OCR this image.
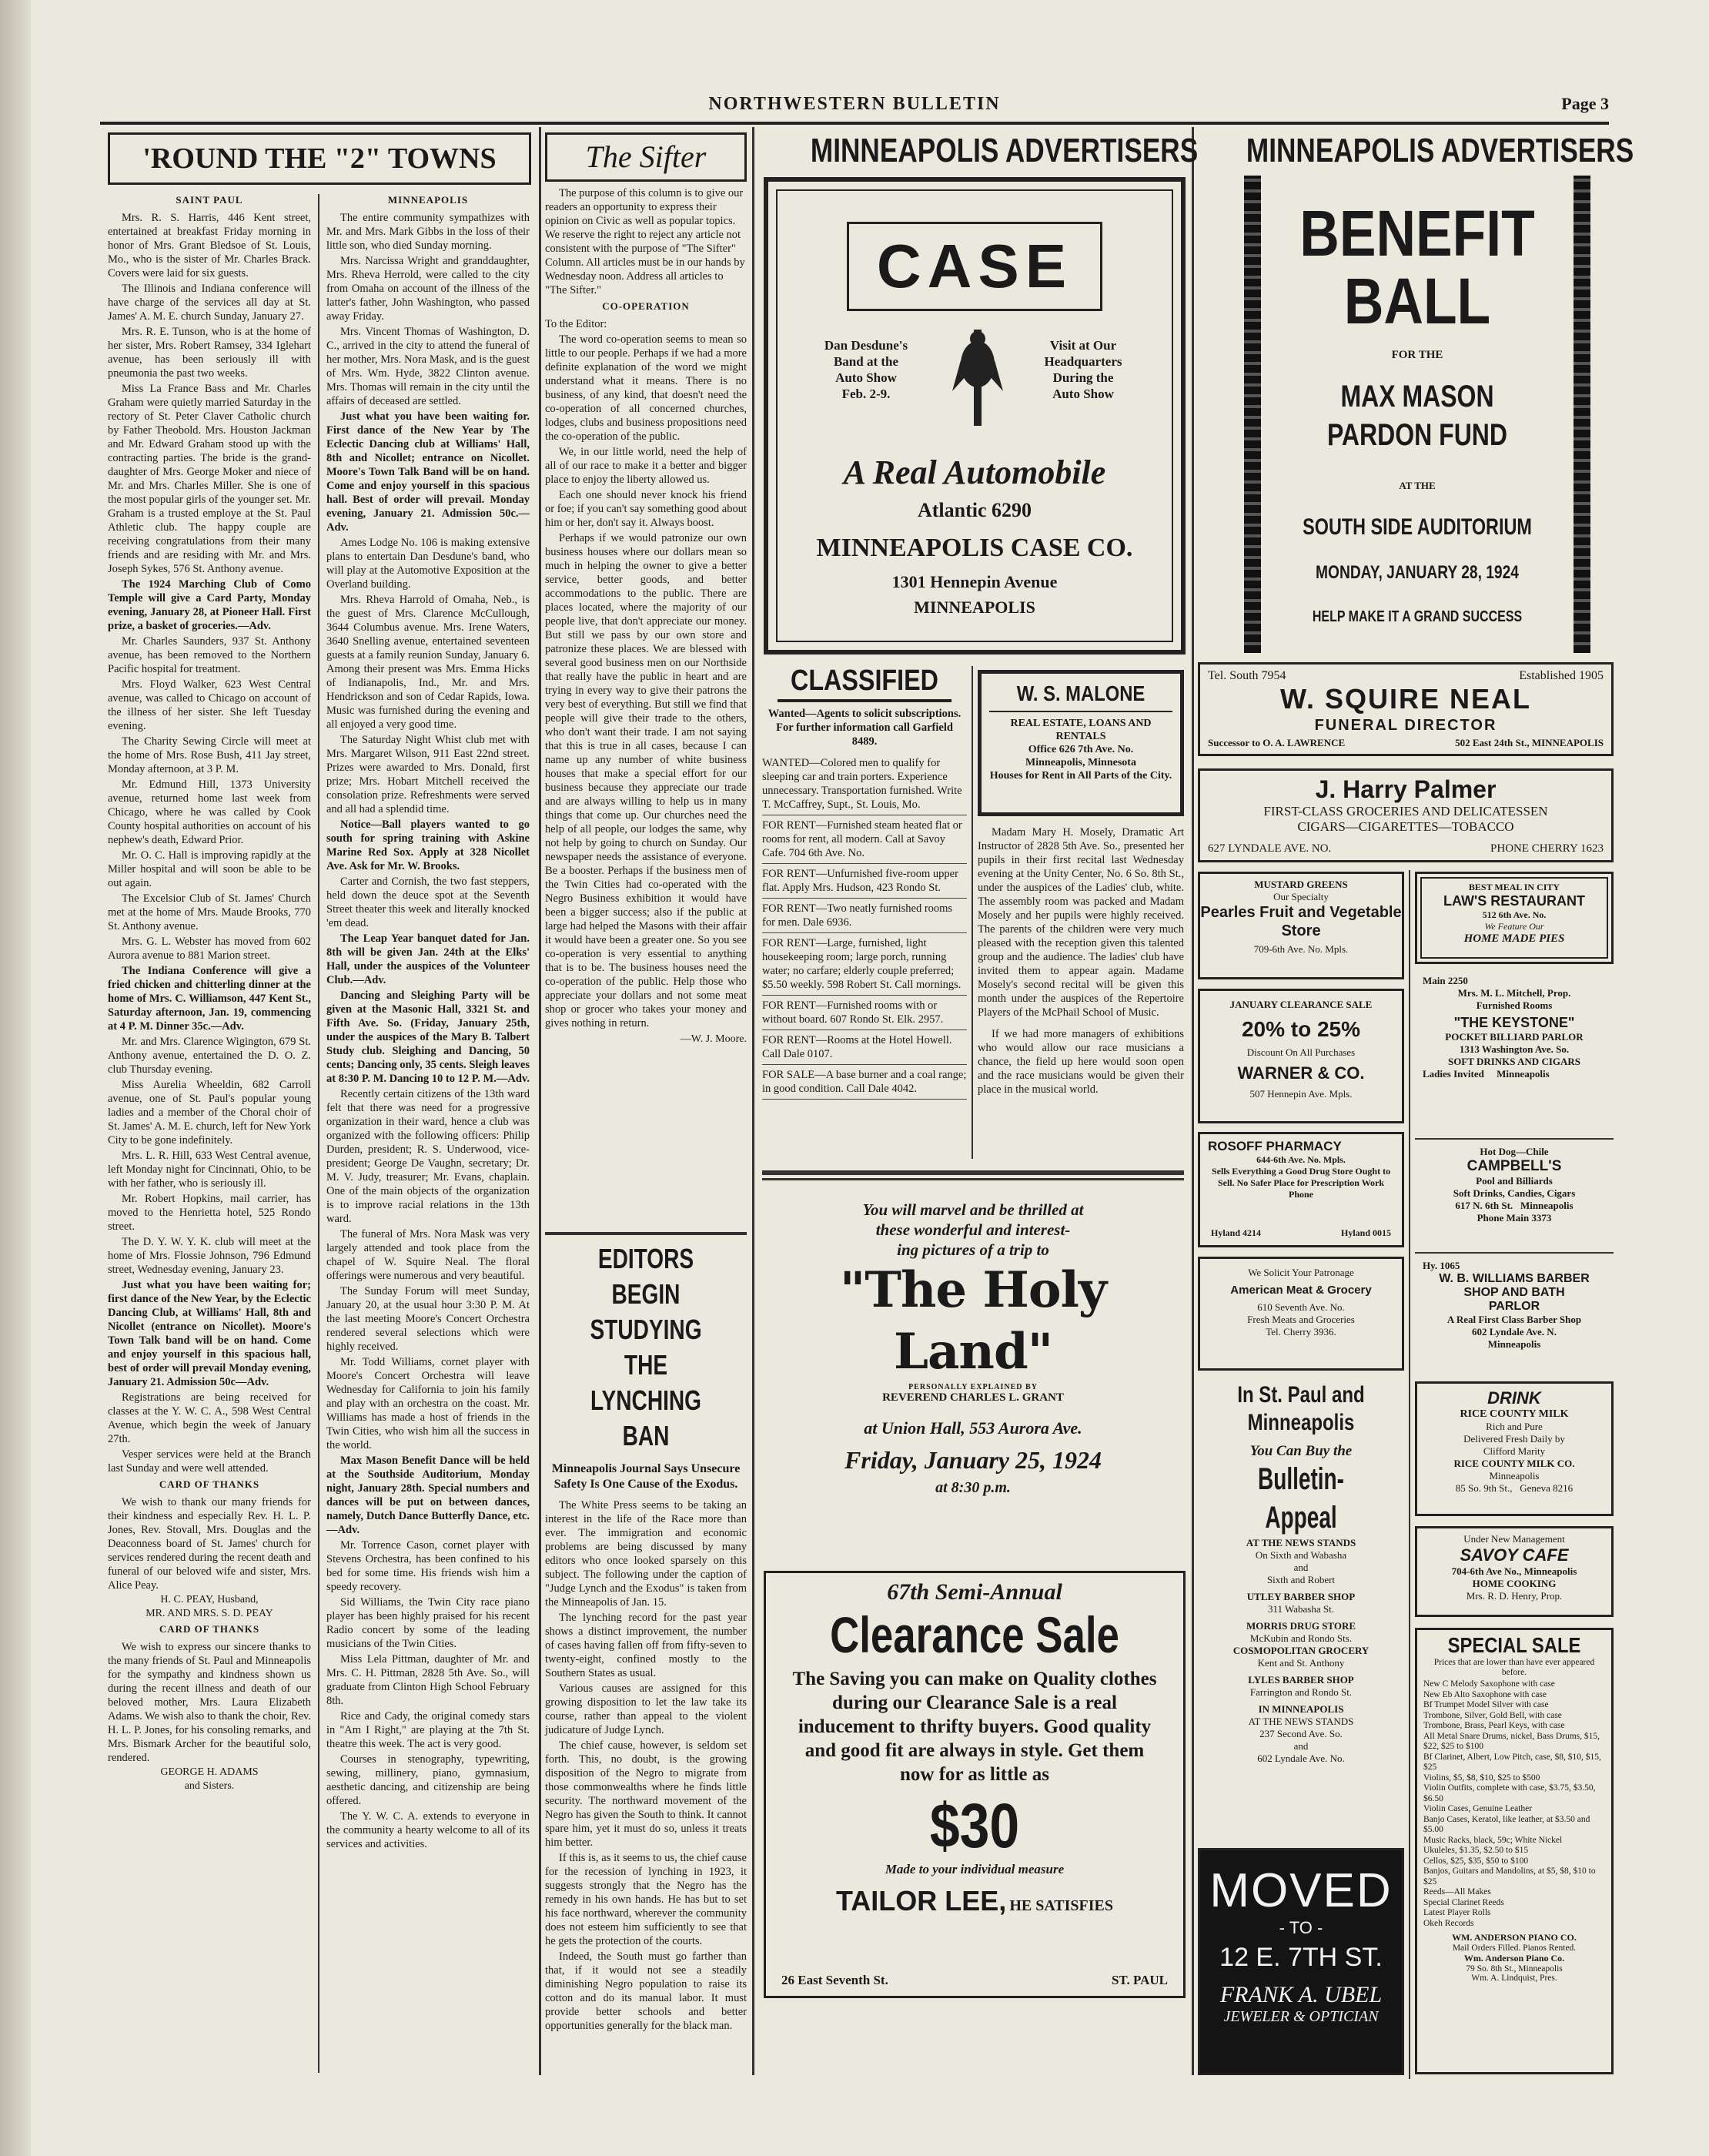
NORTHWESTERN BULLETIN	Page 3
'ROUND THE "2" TOWNS
SAINT PAUL

Mrs. R. S. Harris, 446 Kent street, entertained at breakfast Friday morning in honor of Mrs. Grant Bledsoe of St. Louis, Mo., who is the sister of Mr. Charles Brack. Covers were laid for six guests.

The Illinois and Indiana conference will have charge of the services all day at St. James' A. M. E. church Sunday, January 27.

Mrs. R. E. Tunson, who is at the home of her sister, Mrs. Robert Ramsey, 334 Iglehart avenue, has been seriously ill with pneumonia the past two weeks.

Miss La France Bass and Mr. Charles Graham were quietly married Saturday in the rectory of St. Peter Claver Catholic church by Father Theobold. Mrs. Houston Jackman and Mr. Edward Graham stood up with the contracting parties. The bride is the grand-daughter of Mrs. George Moker and niece of Mr. and Mrs. Charles Miller. She is one of the most popular girls of the younger set. Mr. Graham is a trusted employe at the St. Paul Athletic club. The happy couple are receiving congratulations from their many friends and are residing with Mr. and Mrs. Joseph Sykes, 576 St. Anthony avenue.

The 1924 Marching Club of Como Temple will give a Card Party, Monday evening, January 28, at Pioneer Hall. First prize, a basket of groceries.—Adv.

Mr. Charles Saunders, 937 St. Anthony avenue, has been removed to the Northern Pacific hospital for treatment.

Mrs. Floyd Walker, 623 West Central avenue, was called to Chicago on account of the illness of her sister. She left Tuesday evening.

The Charity Sewing Circle will meet at the home of Mrs. Rose Bush, 411 Jay street, Monday afternoon, at 3 P. M.

Mr. Edmund Hill, 1373 University avenue, returned home last week from Chicago, where he was called by Cook County hospital authorities on account of his nephew's death, Edward Prior.

Mr. O. C. Hall is improving rapidly at the Miller hospital and will soon be able to be out again.

The Excelsior Club of St. James' Church met at the home of Mrs. Maude Brooks, 770 St. Anthony avenue.

Mrs. G. L. Webster has moved from 602 Aurora avenue to 881 Marion street.

The Indiana Conference will give a fried chicken and chitterling dinner at the home of Mrs. C. Williamson, 447 Kent St., Saturday afternoon, Jan. 19, commencing at 4 P. M. Dinner 35c.—Adv.

Mr. and Mrs. Clarence Wigington, 679 St. Anthony avenue, entertained the D. O. Z. club Thursday evening.

Miss Aurelia Wheeldin, 682 Carroll avenue, one of St. Paul's popular young ladies and a member of the Choral choir of St. James' A. M. E. church, left for New York City to be gone indefinitely.

Mrs. L. R. Hill, 633 West Central avenue, left Monday night for Cincinnati, Ohio, to be with her father, who is seriously ill.

Mr. Robert Hopkins, mail carrier, has moved to the Henrietta hotel, 525 Rondo street.

The D. Y. W. Y. K. club will meet at the home of Mrs. Flossie Johnson, 796 Edmund street, Wednesday evening, January 23.

Just what you have been waiting for; first dance of the New Year, by the Eclectic Dancing Club, at Williams' Hall, 8th and Nicollet (entrance on Nicollet). Moore's Town Talk band will be on hand. Come and enjoy yourself in this spacious hall, best of order will prevail Monday evening, January 21. Admission 50c—Adv.

Registrations are being received for classes at the Y. W. C. A., 598 West Central Avenue, which begin the week of January 27th.

Vesper services were held at the Branch last Sunday and were well attended.

CARD OF THANKS

We wish to thank our many friends for their kindness and especially Rev. H. L. P. Jones, Rev. Stovall, Mrs. Douglas and the Deaconness board of St. James' church for services rendered during the recent death and funeral of our beloved wife and sister, Mrs. Alice Peay.

H. C. PEAY, Husband,
MR. AND MRS. S. D. PEAY
CARD OF THANKS

We wish to express our sincere thanks to the many friends of St. Paul and Minneapolis for the sympathy and kindness shown us during the recent illness and death of our beloved mother, Mrs. Laura Elizabeth Adams. We wish also to thank the choir, Rev. H. L. P. Jones, for his consoling remarks, and Mrs. Bismark Archer for the beautiful solo, rendered.

GEORGE H. ADAMS
and Sisters.
MINNEAPOLIS

The entire community sympathizes with Mr. and Mrs. Mark Gibbs in the loss of their little son, who died Sunday morning.

Mrs. Narcissa Wright and granddaughter, Mrs. Rheva Herrold, were called to the city from Omaha on account of the illness of the latter's father, John Washington, who passed away Friday.

Mrs. Vincent Thomas of Washington, D. C., arrived in the city to attend the funeral of her mother, Mrs. Nora Mask, and is the guest of Mrs. Wm. Hyde, 3822 Clinton avenue. Mrs. Thomas will remain in the city until the affairs of deceased are settled.

Just what you have been waiting for. First dance of the New Year by The Eclectic Dancing club at Williams' Hall, 8th and Nicollet; entrance on Nicollet. Moore's Town Talk Band will be on hand. Come and enjoy yourself in this spacious hall. Best of order will prevail. Monday evening, January 21. Admission 50c.—Adv.

Ames Lodge No. 106 is making extensive plans to entertain Dan Desdune's band, who will play at the Automotive Exposition at the Overland building.

Mrs. Rheva Harrold of Omaha, Neb., is the guest of Mrs. Clarence McCullough, 3644 Columbus avenue. Mrs. Irene Waters, 3640 Snelling avenue, entertained seventeen guests at a family reunion Sunday, January 6. Among their present was Mrs. Emma Hicks of Indianapolis, Ind., Mr. and Mrs. Hendrickson and son of Cedar Rapids, Iowa. Music was furnished during the evening and all enjoyed a very good time.

The Saturday Night Whist club met with Mrs. Margaret Wilson, 911 East 22nd street. Prizes were awarded to Mrs. Donald, first prize; Mrs. Hobart Mitchell received the consolation prize. Refreshments were served and all had a splendid time.

Notice—Ball players wanted to go south for spring training with Askine Marine Red Sox. Apply at 328 Nicollet Ave. Ask for Mr. W. Brooks.

Carter and Cornish, the two fast steppers, held down the deuce spot at the Seventh Street theater this week and literally knocked 'em dead.

The Leap Year banquet dated for Jan. 8th will be given Jan. 24th at the Elks' Hall, under the auspices of the Volunteer Club.—Adv.

Dancing and Sleighing Party will be given at the Masonic Hall, 3321 St. and Fifth Ave. So. (Friday, January 25th, under the auspices of the Mary B. Talbert Study club. Sleighing and Dancing, 50 cents; Dancing only, 35 cents. Sleigh leaves at 8:30 P. M. Dancing 10 to 12 P. M.—Adv.

Recently certain citizens of the 13th ward felt that there was need for a progressive organization in their ward, hence a club was organized with the following officers: Philip Durden, president; R. S. Underwood, vice-president; George De Vaughn, secretary; Dr. M. V. Judy, treasurer; Mr. Evans, chaplain. One of the main objects of the organization is to improve racial relations in the 13th ward.

The funeral of Mrs. Nora Mask was very largely attended and took place from the chapel of W. Squire Neal. The floral offerings were numerous and very beautiful.

The Sunday Forum will meet Sunday, January 20, at the usual hour 3:30 P. M. At the last meeting Moore's Concert Orchestra rendered several selections which were highly received.

Mr. Todd Williams, cornet player with Moore's Concert Orchestra will leave Wednesday for California to join his family and play with an orchestra on the coast. Mr. Williams has made a host of friends in the Twin Cities, who wish him all the success in the world.

Max Mason Benefit Dance will be held at the Southside Auditorium, Monday night, January 28th. Special numbers and dances will be put on between dances, namely, Dutch Dance Butterfly Dance, etc.—Adv.

Mr. Torrence Cason, cornet player with Stevens Orchestra, has been confined to his bed for some time. His friends wish him a speedy recovery.

Sid Williams, the Twin City race piano player has been highly praised for his recent Radio concert by some of the leading musicians of the Twin Cities.

Miss Lela Pittman, daughter of Mr. and Mrs. C. H. Pittman, 2828 5th Ave. So., will graduate from Clinton High School February 8th.

Rice and Cady, the original comedy stars in "Am I Right," are playing at the 7th St. theatre this week. The act is very good.

Courses in stenography, typewriting, sewing, millinery, piano, gymnasium, aesthetic dancing, and citizenship are being offered.

The Y. W. C. A. extends to everyone in the community a hearty welcome to all of its services and activities.

The Sifter

The purpose of this column is to give our readers an opportunity to express their opinion on Civic as well as popular topics. We reserve the right to reject any article not consistent with the purpose of "The Sifter" Column. All articles must be in our hands by Wednesday noon. Address all articles to "The Sifter."

CO-OPERATION

To the Editor:

The word co-operation seems to mean so little to our people. Perhaps if we had a more definite explanation of the word we might understand what it means. There is no business, of any kind, that doesn't need the co-operation of all concerned churches, lodges, clubs and business propositions need the co-operation of the public.

We, in our little world, need the help of all of our race to make it a better and bigger place to enjoy the liberty allowed us.

Each one should never knock his friend or foe; if you can't say something good about him or her, don't say it. Always boost.

Perhaps if we would patronize our own business houses where our dollars mean so much in helping the owner to give a better service, better goods, and better accommodations to the public. There are places located, where the majority of our people live, that don't appreciate our money. But still we pass by our own store and patronize these places. We are blessed with several good business men on our Northside that really have the public in heart and are trying in every way to give their patrons the very best of everything. But still we find that people will give their trade to the others, who don't want their trade. I am not saying that this is true in all cases, because I can name up any number of white business houses that make a special effort for our business because they appreciate our trade and are always willing to help us in many things that come up. Our churches need the help of all people, our lodges the same, why not help by going to church on Sunday. Our newspaper needs the assistance of everyone. Be a booster. Perhaps if the business men of the Twin Cities had co-operated with the Negro Business exhibition it would have been a bigger success; also if the public at large had helped the Masons with their affair it would have been a greater one. So you see co-operation is very essential to anything that is to be. The business houses need the co-operation of the public. Help those who appreciate your dollars and not some meat shop or grocer who takes your money and gives nothing in return.

—W. J. Moore.
EDITORS BEGIN
STUDYING THE
LYNCHING BAN
Minneapolis Journal Says Unsecure Safety Is One Cause of the Exodus.

The White Press seems to be taking an interest in the life of the Race more than ever. The immigration and economic problems are being discussed by many editors who once looked sparsely on this subject. The following under the caption of "Judge Lynch and the Exodus" is taken from the Minneapolis of Jan. 15.

The lynching record for the past year shows a distinct improvement, the number of cases having fallen off from fifty-seven to twenty-eight, confined mostly to the Southern States as usual.

Various causes are assigned for this growing disposition to let the law take its course, rather than appeal to the violent judicature of Judge Lynch.

The chief cause, however, is seldom set forth. This, no doubt, is the growing disposition of the Negro to migrate from those commonwealths where he finds little security. The northward movement of the Negro has given the South to think. It cannot spare him, yet it must do so, unless it treats him better.

If this is, as it seems to us, the chief cause for the recession of lynching in 1923, it suggests strongly that the Negro has the remedy in his own hands. He has but to set his face northward, wherever the community does not esteem him sufficiently to see that he gets the protection of the courts.

Indeed, the South must go farther than that, if it would not see a steadily diminishing Negro population to raise its cotton and do its manual labor. It must provide better schools and better opportunities generally for the black man.

MINNEAPOLIS ADVERTISERS	MINNEAPOLIS ADVERTISERS
CASE
Dan Desdune's
Band at the
Auto Show
Feb. 2-9.
Visit at Our
Headquarters
During the
Auto Show
A Real Automobile
Atlantic 6290
MINNEAPOLIS CASE CO.
1301 Hennepin Avenue
MINNEAPOLIS
BENEFIT
BALL
FOR THE
MAX MASON
PARDON FUND
AT THE
SOUTH SIDE AUDITORIUM
MONDAY, JANUARY 28, 1924
HELP MAKE IT A GRAND SUCCESS
CLASSIFIED
Wanted—Agents to solicit subscriptions. For further information call Garfield 8489.

WANTED—Colored men to qualify for sleeping car and train porters. Experience unnecessary. Transportation furnished. Write T. McCaffrey, Supt., St. Louis, Mo.

FOR RENT—Furnished steam heated flat or rooms for rent, all modern. Call at Savoy Cafe. 704 6th Ave. No.

FOR RENT—Unfurnished five-room upper flat. Apply Mrs. Hudson, 423 Rondo St.

FOR RENT—Two neatly furnished rooms for men. Dale 6936.

FOR RENT—Large, furnished, light housekeeping room; large porch, running water; no carfare; elderly couple preferred; $5.50 weekly. 598 Robert St. Call mornings.

FOR RENT—Furnished rooms with or without board. 607 Rondo St. Elk. 2957.

FOR RENT—Rooms at the Hotel Howell. Call Dale 0107.

FOR SALE—A base burner and a coal range; in good condition. Call Dale 4042.

W. S. MALONE
REAL ESTATE, LOANS AND RENTALS
Office 626 7th Ave. No.
Minneapolis, Minnesota
Houses for Rent in All Parts of the City.

Madam Mary H. Mosely, Dramatic Art Instructor of 2828 5th Ave. So., presented her pupils in their first recital last Wednesday evening at the Unity Center, No. 6 So. 8th St., under the auspices of the Ladies' club, white. The assembly room was packed and Madam Mosely and her pupils were highly received. The parents of the children were very much pleased with the reception given this talented group and the audience. The ladies' club have invited them to appear again. Madame Mosely's second recital will be given this month under the auspices of the Repertoire Players of the McPhail School of Music.

If we had more managers of exhibitions who would allow our race musicians a chance, the field up here would soon open and the race musicians would be given their place in the musical world.

You will marvel and be thrilled at
these wonderful and interest-
ing pictures of a trip to
"The Holy Land"
PERSONALLY EXPLAINED BY
REVEREND CHARLES L. GRANT
at Union Hall, 553 Aurora Ave.
Friday, January 25, 1924
at 8:30 p.m.
67th Semi-Annual
Clearance Sale
The Saving you can make on Quality clothes during our Clearance Sale is a real inducement to thrifty buyers. Good quality and good fit are always in style. Get them now for as little as
$30
Made to your individual measure
TAILOR LEE, HE SATISFIES
26 East Seventh St.	ST. PAUL
Tel. South 7954	Established 1905
W. SQUIRE NEAL
FUNERAL DIRECTOR
Successor to O. A. LAWRENCE	502 East 24th St., MINNEAPOLIS
J. Harry Palmer
FIRST-CLASS GROCERIES AND DELICATESSEN
CIGARS—CIGARETTES—TOBACCO
627 LYNDALE AVE. NO.	PHONE CHERRY 1623
MUSTARD GREENS
Our Specialty
Pearles Fruit and Vegetable
Store
709-6th Ave. No. Mpls.
JANUARY CLEARANCE SALE
20% to 25%
Discount On All Purchases
WARNER & CO.
507 Hennepin Ave. Mpls.
ROSOFF PHARMACY
644-6th Ave. No. Mpls.
Sells Everything a Good Drug Store Ought to Sell. No Safer Place for Prescription Work
Phone
Hyland 4214	Hyland 0015
We Solicit Your Patronage
American Meat & Grocery
610 Seventh Ave. No.
Fresh Meats and Groceries
Tel. Cherry 3936.
In St. Paul and
Minneapolis
You Can Buy the
Bulletin-Appeal
AT THE NEWS STANDS
On Sixth and Wabasha
and
Sixth and Robert
UTLEY BARBER SHOP
311 Wabasha St.
MORRIS DRUG STORE
McKubin and Rondo Sts.
COSMOPOLITAN GROCERY
Kent and St. Anthony
LYLES BARBER SHOP
Farrington and Rondo St.
IN MINNEAPOLIS
AT THE NEWS STANDS
237 Second Ave. So.
and
602 Lyndale Ave. No.
MOVED
- TO -
12 E. 7TH ST.
FRANK A. UBEL
JEWELER & OPTICIAN
BEST MEAL IN CITY
LAW'S RESTAURANT
512 6th Ave. No.
We Feature Our
HOME MADE PIES
Main 2250
Mrs. M. L. Mitchell, Prop.
Furnished Rooms
"THE KEYSTONE"
POCKET BILLIARD PARLOR
1313 Washington Ave. So.
SOFT DRINKS AND CIGARS
Ladies Invited Minneapolis
Hot Dog—Chile
CAMPBELL'S
Pool and Billiards
Soft Drinks, Candies, Cigars
617 N. 6th St. Minneapolis
Phone Main 3373
Hy. 1065
W. B. WILLIAMS BARBER
SHOP AND BATH
PARLOR
A Real First Class Barber Shop
602 Lyndale Ave. N.
Minneapolis
DRINK
RICE COUNTY MILK
Rich and Pure
Delivered Fresh Daily by
Clifford Marity
RICE COUNTY MILK CO.
Minneapolis
85 So. 9th St., Geneva 8216
Under New Management
SAVOY CAFE
704-6th Ave No., Minneapolis
HOME COOKING
Mrs. R. D. Henry, Prop.
SPECIAL SALE
Prices that are lower than have ever appeared before.
New C Melody Saxophone with case
New Eb Alto Saxophone with case
Bf Trumpet Model Silver with case
Trombone, Silver, Gold Bell, with case
Trombone, Brass, Pearl Keys, with case
All Metal Snare Drums, nickel, Bass Drums, $15, $22, $25 to $100
Bf Clarinet, Albert, Low Pitch, case, $8, $10, $15, $25
Violins, $5, $8, $10, $25 to $500
Violin Outfits, complete with case, $3.75, $3.50, $6.50
Violin Cases, Genuine Leather
Banjo Cases, Keratol, like leather, at $3.50 and $5.00
Music Racks, black, 59c; White Nickel
Ukuleles, $1.35, $2.50 to $15
Cellos, $25, $35, $50 to $100
Banjos, Guitars and Mandolins, at $5, $8, $10 to $25
Reeds—All Makes
Special Clarinet Reeds
Latest Player Rolls
Okeh Records
WM. ANDERSON PIANO CO.
Mail Orders Filled. Pianos Rented.
Wm. Anderson Piano Co.
79 So. 8th St., Minneapolis
Wm. A. Lindquist, Pres.
